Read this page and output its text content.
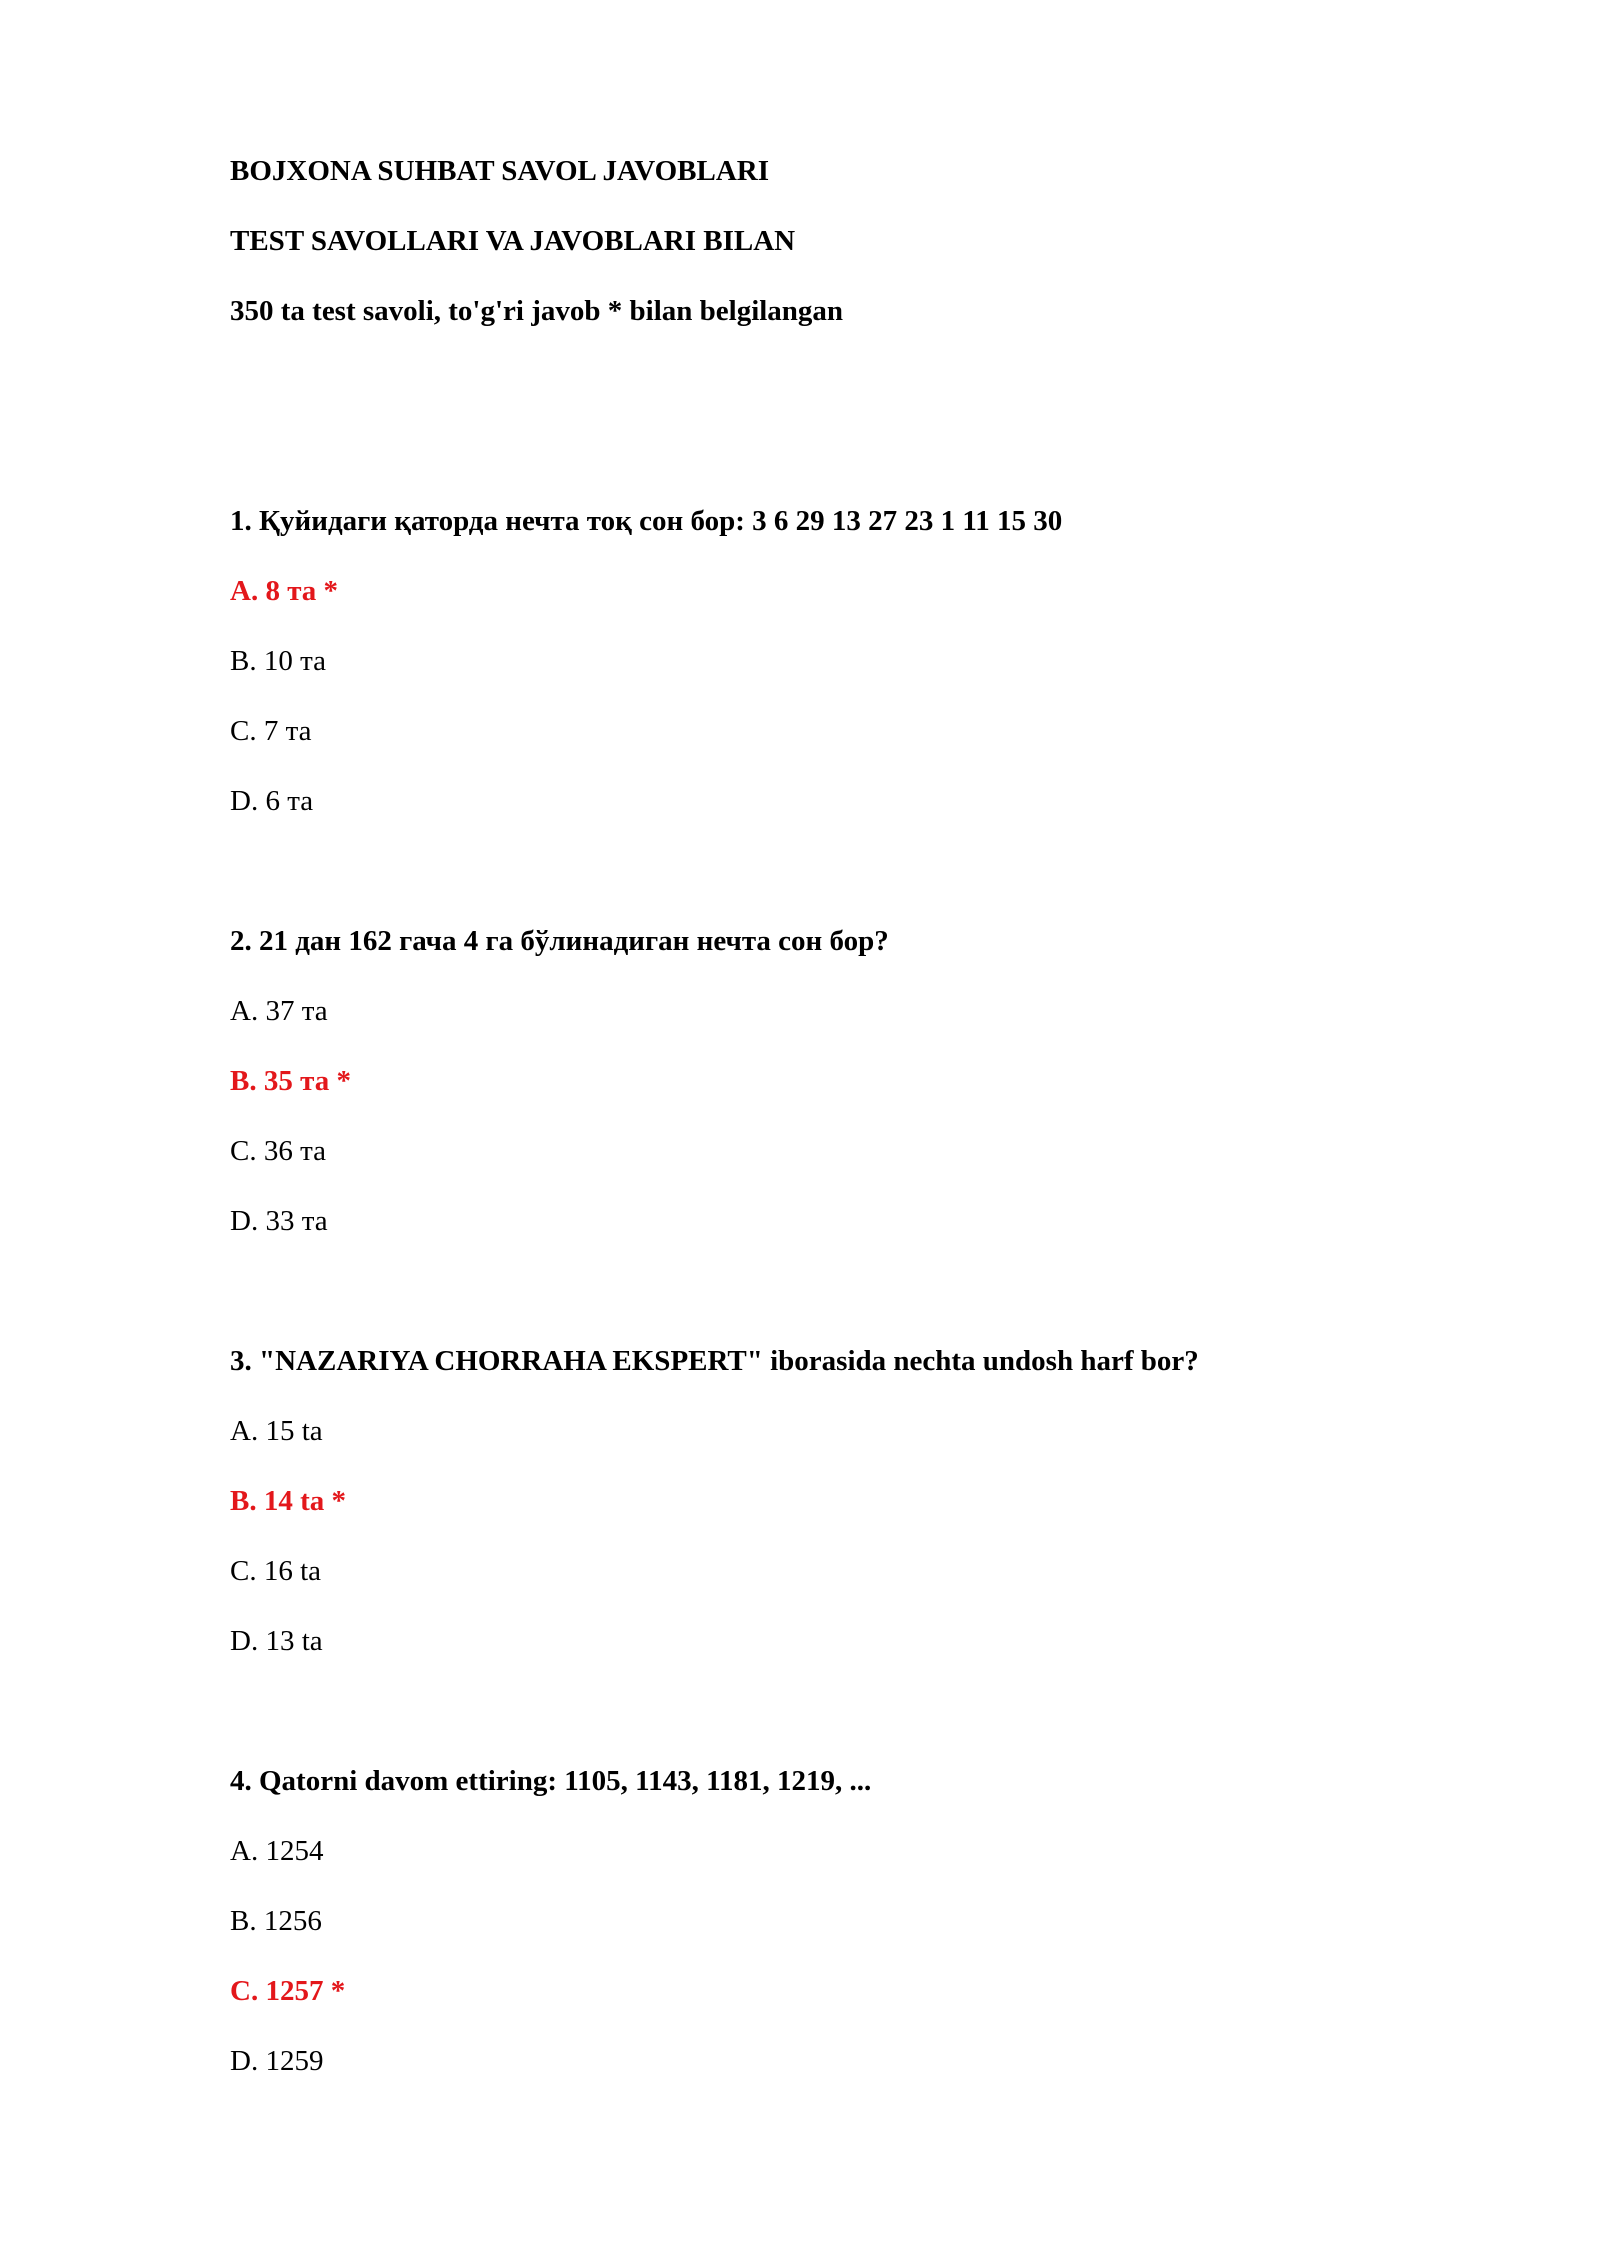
BOJXONA SUHBAT SAVOL JAVOBLARI
TEST SAVOLLARI VA JAVOBLARI BILAN
350 ta test savoli, to'g'ri javob * bilan belgilangan
1. Қуйидаги қаторда нечта тоқ сон бор: 3 6 29 13 27 23 1 11 15 30
A. 8 та *
B. 10 та
C. 7 та
D. 6 та
2. 21 дан 162 гача 4 га бўлинадиган нечта сон бор?
A. 37 та
B. 35 та *
C. 36 та
D. 33 та
3. "NAZARIYA CHORRAHA EKSPERT" iborasida nechta undosh harf bor?
A. 15 ta
B. 14 ta *
C. 16 ta
D. 13 ta
4. Qatorni davom ettiring: 1105, 1143, 1181, 1219, ...
A. 1254
B. 1256
C. 1257 *
D. 1259
